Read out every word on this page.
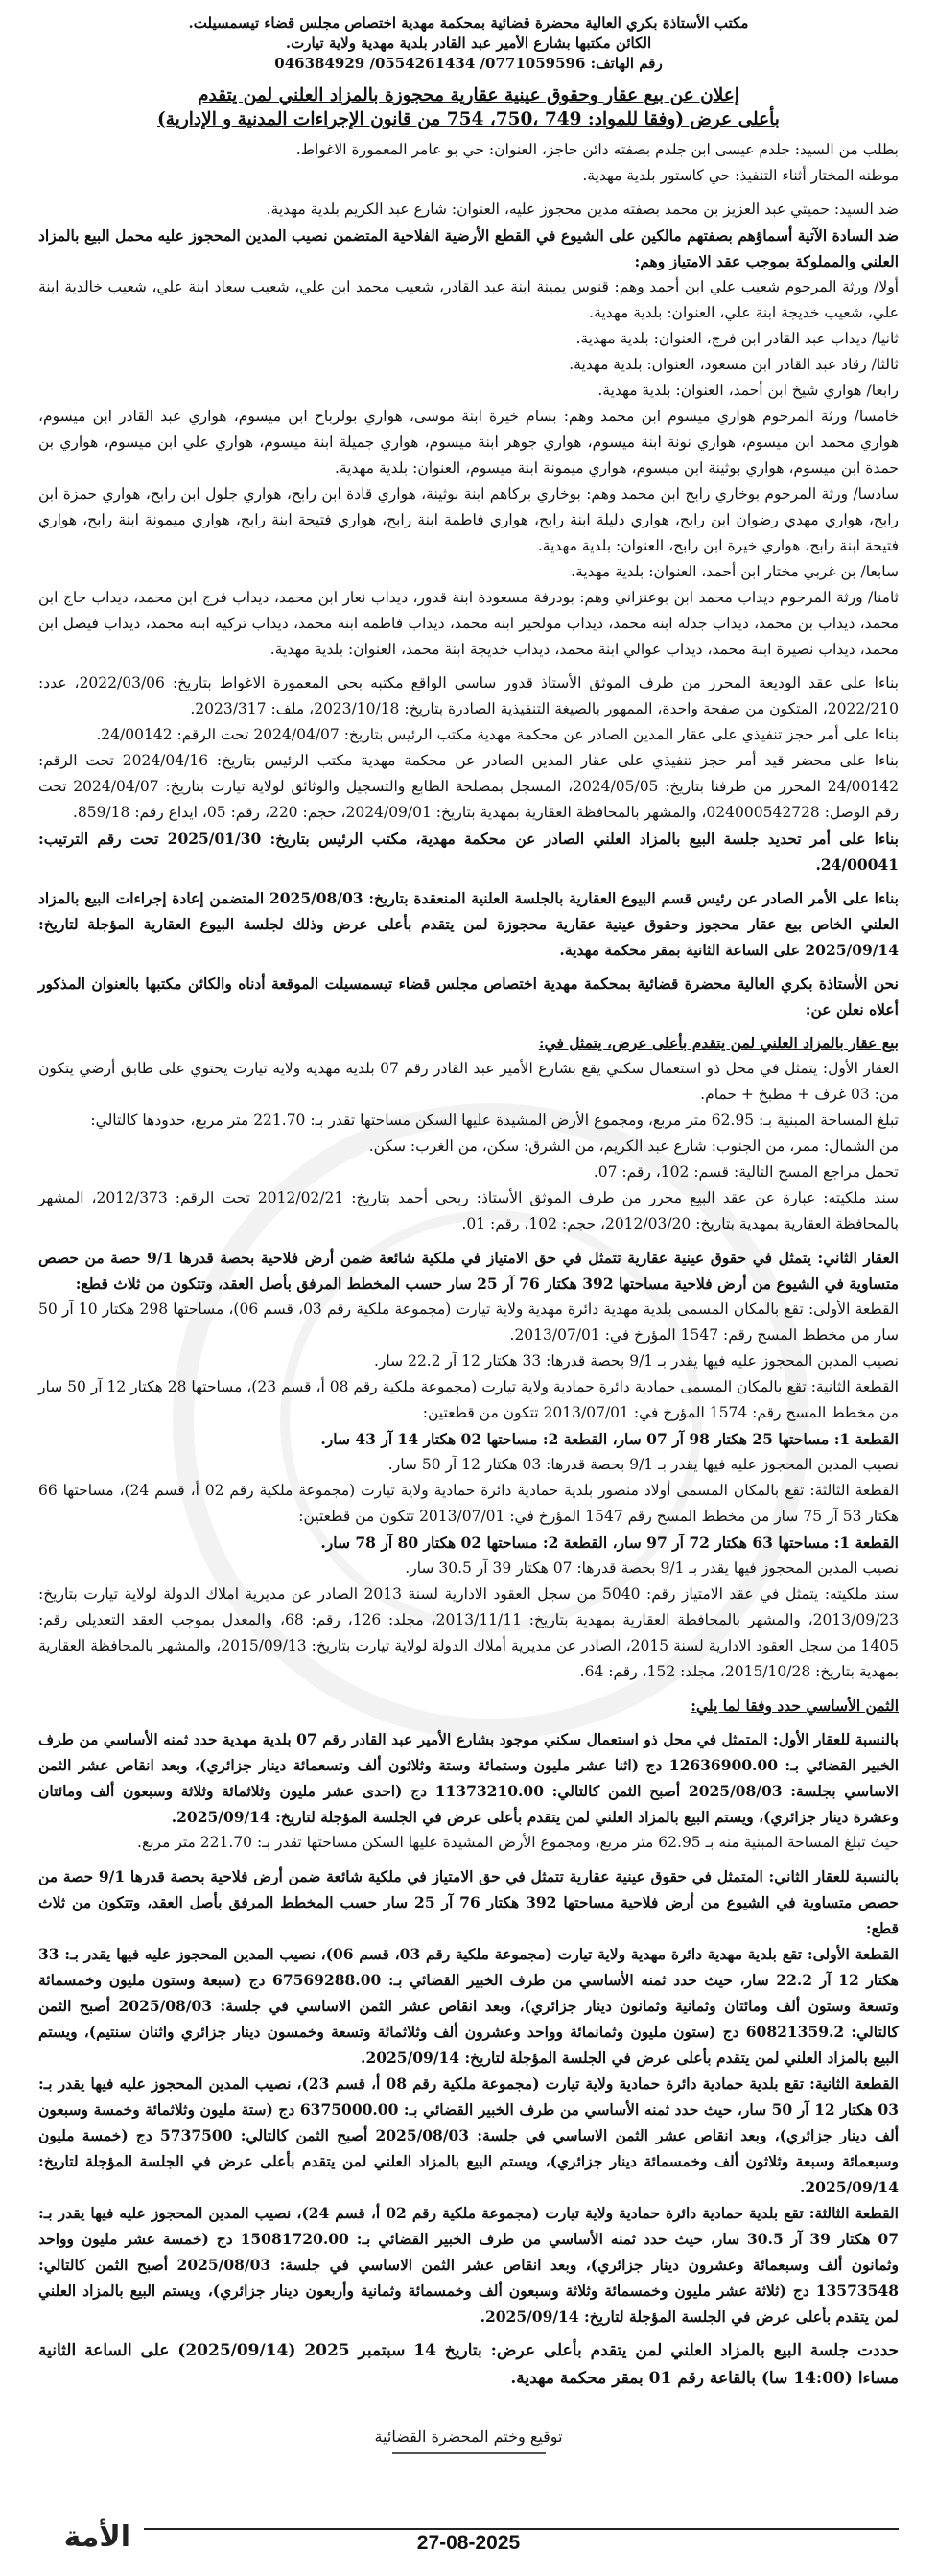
مكتب الأستاذة بكري العالية محضرة قضائية بمحكمة مهدية اختصاص مجلس قضاء تيسمسيلت.
الكائن مكتبها بشارع الأمير عبد القادر بلدية مهدية ولاية تيارت.
رقم الهاتف: 0771059596/ 0554261434/ 046384929
إعلان عن بيع عقار وحقوق عينية عقارية محجوزة بالمزاد العلني لمن يتقدم
بأعلى عرض (وفقا للمواد: 749 ،750، 754 من قانون الإجراءات المدنية و الإدارية)
بطلب من السيد: جلدم عيسى ابن جلدم بصفته دائن حاجز، العنوان: حي بو عامر المعمورة الاغواط.
موطنه المختار أثناء التنفيذ: حي كاستور بلدية مهدية.
ضد السيد: حميتي عبد العزيز بن محمد بصفته مدين محجوز عليه، العنوان: شارع عبد الكريم بلدية مهدية.
ضد السادة الآتية أسماؤهم بصفتهم مالكين على الشيوع في القطع الأرضية الفلاحية المتضمن نصيب المدين المحجوز عليه محمل البيع بالمزاد العلني والمملوكة بموجب عقد الامتياز وهم:
أولا/ ورثة المرحوم شعيب علي ابن أحمد وهم: قنوس يمينة ابنة عبد القادر، شعيب محمد ابن علي، شعيب سعاد ابنة علي، شعيب خالدية ابنة علي، شعيب خديجة ابنة علي، العنوان: بلدية مهدية.
ثانيا/ ديداب عبد القادر ابن فرج، العنوان: بلدية مهدية.
ثالثا/ رقاد عبد القادر ابن مسعود، العنوان: بلدية مهدية.
رابعا/ هواري شيخ ابن أحمد، العنوان: بلدية مهدية.
خامسا/ ورثة المرحوم هواري ميسوم ابن محمد وهم: بسام خيرة ابنة موسى، هواري بولرباح ابن ميسوم، هواري عبد القادر ابن ميسوم، هواري محمد ابن ميسوم، هواري نونة ابنة ميسوم، هواري جوهر ابنة ميسوم، هواري جميلة ابنة ميسوم، هواري علي ابن ميسوم، هواري بن حمدة ابن ميسوم، هواري بوثينة ابن ميسوم، هواري ميمونة ابنة ميسوم، العنوان: بلدية مهدية.
سادسا/ ورثة المرحوم بوخاري رابح ابن محمد وهم: بوخاري بركاهم ابنة بوثينة، هواري قادة ابن رابح، هواري جلول ابن رابح، هواري حمزة ابن رابح، هواري مهدي رضوان ابن رابح، هواري دليلة ابنة رابح، هواري فاطمة ابنة رابح، هواري فتيحة ابنة رابح، هواري ميمونة ابنة رابح، هواري فتيحة ابنة رابح، هواري خيرة ابن رابح، العنوان: بلدية مهدية.
سابعا/ بن غربي مختار ابن أحمد، العنوان: بلدية مهدية.
ثامنا/ ورثة المرحوم ديداب محمد ابن بوعنزاني وهم: بودرفة مسعودة ابنة قدور، ديداب نعار ابن محمد، ديداب فرج ابن محمد، ديداب حاج ابن محمد، ديداب بن محمد، ديداب جدلة ابنة محمد، ديداب مولخير ابنة محمد، ديداب فاطمة ابنة محمد، ديداب تركية ابنة محمد، ديداب فيصل ابن محمد، ديداب نصيرة ابنة محمد، ديداب عوالي ابنة محمد، ديداب خديجة ابنة محمد، العنوان: بلدية مهدية.
بناءا على عقد الوديعة المحرر من طرف الموثق الأستاذ قدور ساسي الواقع مكتبه بحي المعمورة الاغواط بتاريخ: 2022/03/06، عدد: 2022/210، المتكون من صفحة واحدة، الممهور بالصيغة التنفيذية الصادرة بتاريخ: 2023/10/18، ملف: 2023/317.
بناءا على أمر حجز تنفيذي على عقار المدين الصادر عن محكمة مهدية مكتب الرئيس بتاريخ: 2024/04/07 تحت الرقم: 24/00142.
بناءا على محضر قيد أمر حجز تنفيذي على عقار المدين الصادر عن محكمة مهدية مكتب الرئيس بتاريخ: 2024/04/16 تحت الرقم: 24/00142 المحرر من طرفنا بتاريخ: 2024/05/05، المسجل بمصلحة الطابع والتسجيل والوثائق لولاية تيارت بتاريخ: 2024/04/07 تحت رقم الوصل: 024000542728، والمشهر بالمحافظة العقارية بمهدية بتاريخ: 2024/09/01، حجم: 220، رقم: 05، ايداع رقم: 859/18.
بناءا على أمر تحديد جلسة البيع بالمزاد العلني الصادر عن محكمة مهدية، مكتب الرئيس بتاريخ: 2025/01/30 تحت رقم الترتيب: 24/00041.
بناءا على الأمر الصادر عن رئيس قسم البيوع العقارية بالجلسة العلنية المنعقدة بتاريخ: 2025/08/03 المتضمن إعادة إجراءات البيع بالمزاد العلني الخاص بيع عقار محجوز وحقوق عينية عقارية محجوزة لمن يتقدم بأعلى عرض وذلك لجلسة البيوع العقارية المؤجلة لتاريخ: 2025/09/14 على الساعة الثانية بمقر محكمة مهدية.
نحن الأستاذة بكري العالية محضرة قضائية بمحكمة مهدية اختصاص مجلس قضاء تيسمسيلت الموقعة أدناه والكائن مكتبها بالعنوان المذكور أعلاه نعلن عن:
بيع عقار بالمزاد العلني لمن يتقدم بأعلى عرض، يتمثل في:
العقار الأول: يتمثل في محل ذو استعمال سكني يقع بشارع الأمير عبد القادر رقم 07 بلدية مهدية ولاية تيارت يحتوي على طابق أرضي يتكون من: 03 غرف + مطبخ + حمام.
تبلغ المساحة المبنية بـ: 62.95 متر مربع، ومجموع الأرض المشيدة عليها السكن مساحتها تقدر بـ: 221.70 متر مربع، حدودها كالتالي:
من الشمال: ممر، من الجنوب: شارع عبد الكريم، من الشرق: سكن، من الغرب: سكن.
تحمل مراجع المسح التالية: قسم: 102، رقم: 07.
سند ملكيته: عبارة عن عقد البيع محرر من طرف الموثق الأستاذ: ربحي أحمد بتاريخ: 2012/02/21 تحت الرقم: 2012/373، المشهر بالمحافظة العقارية بمهدية بتاريخ: 2012/03/20، حجم: 102، رقم: 01.
العقار الثاني: يتمثل في حقوق عينية عقارية تتمثل في حق الامتياز في ملكية شائعة ضمن أرض فلاحية بحصة قدرها 9/1 حصة من حصص متساوية في الشيوع من أرض فلاحية مساحتها 392 هكتار 76 آر 25 سار حسب المخطط المرفق بأصل العقد، وتتكون من ثلاث قطع:
القطعة الأولى: تقع بالمكان المسمى بلدية مهدية دائرة مهدية ولاية تيارت (مجموعة ملكية رقم 03، قسم 06)، مساحتها 298 هكتار 10 آر 50 سار من مخطط المسح رقم: 1547 المؤرخ في: 2013/07/01.
نصيب المدين المحجوز عليه فيها يقدر بـ 9/1 بحصة قدرها: 33 هكتار 12 آر 22.2 سار.
القطعة الثانية: تقع بالمكان المسمى حمادية دائرة حمادية ولاية تيارت (مجموعة ملكية رقم 08 أ، قسم 23)، مساحتها 28 هكتار 12 آر 50 سار من مخطط المسح رقم: 1574 المؤرخ في: 2013/07/01 تتكون من قطعتين:
القطعة 1: مساحتها 25 هكتار 98 آر 07 سار، القطعة 2: مساحتها 02 هكتار 14 آر 43 سار.
نصيب المدين المحجوز عليه فيها يقدر بـ 9/1 بحصة قدرها: 03 هكتار 12 آر 50 سار.
القطعة الثالثة: تقع بالمكان المسمى أولاد منصور بلدية حمادية دائرة حمادية ولاية تيارت (مجموعة ملكية رقم 02 أ، قسم 24)، مساحتها 66 هكتار 53 آر 75 سار من مخطط المسح رقم 1547 المؤرخ في: 2013/07/01 تتكون من قطعتين:
القطعة 1: مساحتها 63 هكتار 72 آر 97 سار، القطعة 2: مساحتها 02 هكتار 80 آر 78 سار.
نصيب المدين المحجوز فيها يقدر بـ 9/1 بحصة قدرها: 07 هكتار 39 آر 30.5 سار.
سند ملكيته: يتمثل في عقد الامتياز رقم: 5040 من سجل العقود الادارية لسنة 2013 الصادر عن مديرية املاك الدولة لولاية تيارت بتاريخ: 2013/09/23، والمشهر بالمحافظة العقارية بمهدية بتاريخ: 2013/11/11، مجلد: 126، رقم: 68، والمعدل بموجب العقد التعديلي رقم: 1405 من سجل العقود الادارية لسنة 2015، الصادر عن مديرية أملاك الدولة لولاية تيارت بتاريخ: 2015/09/13، والمشهر بالمحافظة العقارية بمهدية بتاريخ: 2015/10/28، مجلد: 152، رقم: 64.
الثمن الأساسي حدد وفقا لما يلي:
بالنسبة للعقار الأول: المتمثل في محل ذو استعمال سكني موجود بشارع الأمير عبد القادر رقم 07 بلدية مهدية حدد ثمنه الأساسي من طرف الخبير القضائي بـ: 12636900.00 دج (اثنا عشر مليون وستمائة وستة وثلاثون ألف وتسعمائة دينار جزائري)، وبعد انقاص عشر الثمن الاساسي بجلسة: 2025/08/03 أصبح الثمن كالتالي: 11373210.00 دج (احدى عشر مليون وثلاثمائة وثلاثة وسبعون ألف ومائتان وعشرة دينار جزائري)، ويستم البيع بالمزاد العلني لمن يتقدم بأعلى عرض في الجلسة المؤجلة لتاريخ: 2025/09/14.
حيث تبلغ المساحة المبنية منه بـ 62.95 متر مربع، ومجموع الأرض المشيدة عليها السكن مساحتها تقدر بـ: 221.70 متر مربع.
بالنسبة للعقار الثاني: المتمثل في حقوق عينية عقارية تتمثل في حق الامتياز في ملكية شائعة ضمن أرض فلاحية بحصة قدرها 9/1 حصة من حصص متساوية في الشيوع من أرض فلاحية مساحتها 392 هكتار 76 آر 25 سار حسب المخطط المرفق بأصل العقد، وتتكون من ثلاث قطع:
القطعة الأولى: تقع بلدية مهدية دائرة مهدية ولاية تيارت (مجموعة ملكية رقم 03، قسم 06)، نصيب المدين المحجوز عليه فيها يقدر بـ: 33 هكتار 12 آر 22.2 سار، حيث حدد ثمنه الأساسي من طرف الخبير القضائي بـ: 67569288.00 دج (سبعة وستون مليون وخمسمائة وتسعة وستون ألف ومائتان وثمانية وثمانون دينار جزائري)، وبعد انقاص عشر الثمن الاساسي في جلسة: 2025/08/03 أصبح الثمن كالتالي: 60821359.2 دج (ستون مليون وثمانمائة وواحد وعشرون ألف وثلاثمائة وتسعة وخمسون دينار جزائري واثنان سنتيم)، ويستم البيع بالمزاد العلني لمن يتقدم بأعلى عرض في الجلسة المؤجلة لتاريخ: 2025/09/14.
القطعة الثانية: تقع بلدية حمادية دائرة حمادية ولاية تيارت (مجموعة ملكية رقم 08 أ، قسم 23)، نصيب المدين المحجوز عليه فيها يقدر بـ: 03 هكتار 12 آر 50 سار، حيث حدد ثمنه الأساسي من طرف الخبير القضائي بـ: 6375000.00 دج (ستة مليون وثلاثمائة وخمسة وسبعون ألف دينار جزائري)، وبعد انقاص عشر الثمن الاساسي في جلسة: 2025/08/03 أصبح الثمن كالتالي: 5737500 دج (خمسة مليون وسبعمائة وسبعة وثلاثون ألف وخمسمائة دينار جزائري)، ويستم البيع بالمزاد العلني لمن يتقدم بأعلى عرض في الجلسة المؤجلة لتاريخ: 2025/09/14.
القطعة الثالثة: تقع بلدية حمادية دائرة حمادية ولاية تيارت (مجموعة ملكية رقم 02 أ، قسم 24)، نصيب المدين المحجوز عليه فيها يقدر بـ: 07 هكتار 39 آر 30.5 سار، حيث حدد ثمنه الأساسي من طرف الخبير القضائي بـ: 15081720.00 دج (خمسة عشر مليون وواحد وثمانون ألف وسبعمائة وعشرون دينار جزائري)، وبعد انقاص عشر الثمن الاساسي في جلسة: 2025/08/03 أصبح الثمن كالتالي: 13573548 دج (ثلاثة عشر مليون وخمسمائة وثلاثة وسبعون ألف وخمسمائة وثمانية وأربعون دينار جزائري)، ويستم البيع بالمزاد العلني لمن يتقدم بأعلى عرض في الجلسة المؤجلة لتاريخ: 2025/09/14.
حددت جلسة البيع بالمزاد العلني لمن يتقدم بأعلى عرض: بتاريخ 14 سبتمبر 2025 (2025/09/14) على الساعة الثانية مساءا (14:00 سا) بالقاعة رقم 01 بمقر محكمة مهدية.
توقيع وختم المحضرة القضائية
الأمة	27-08-2025
